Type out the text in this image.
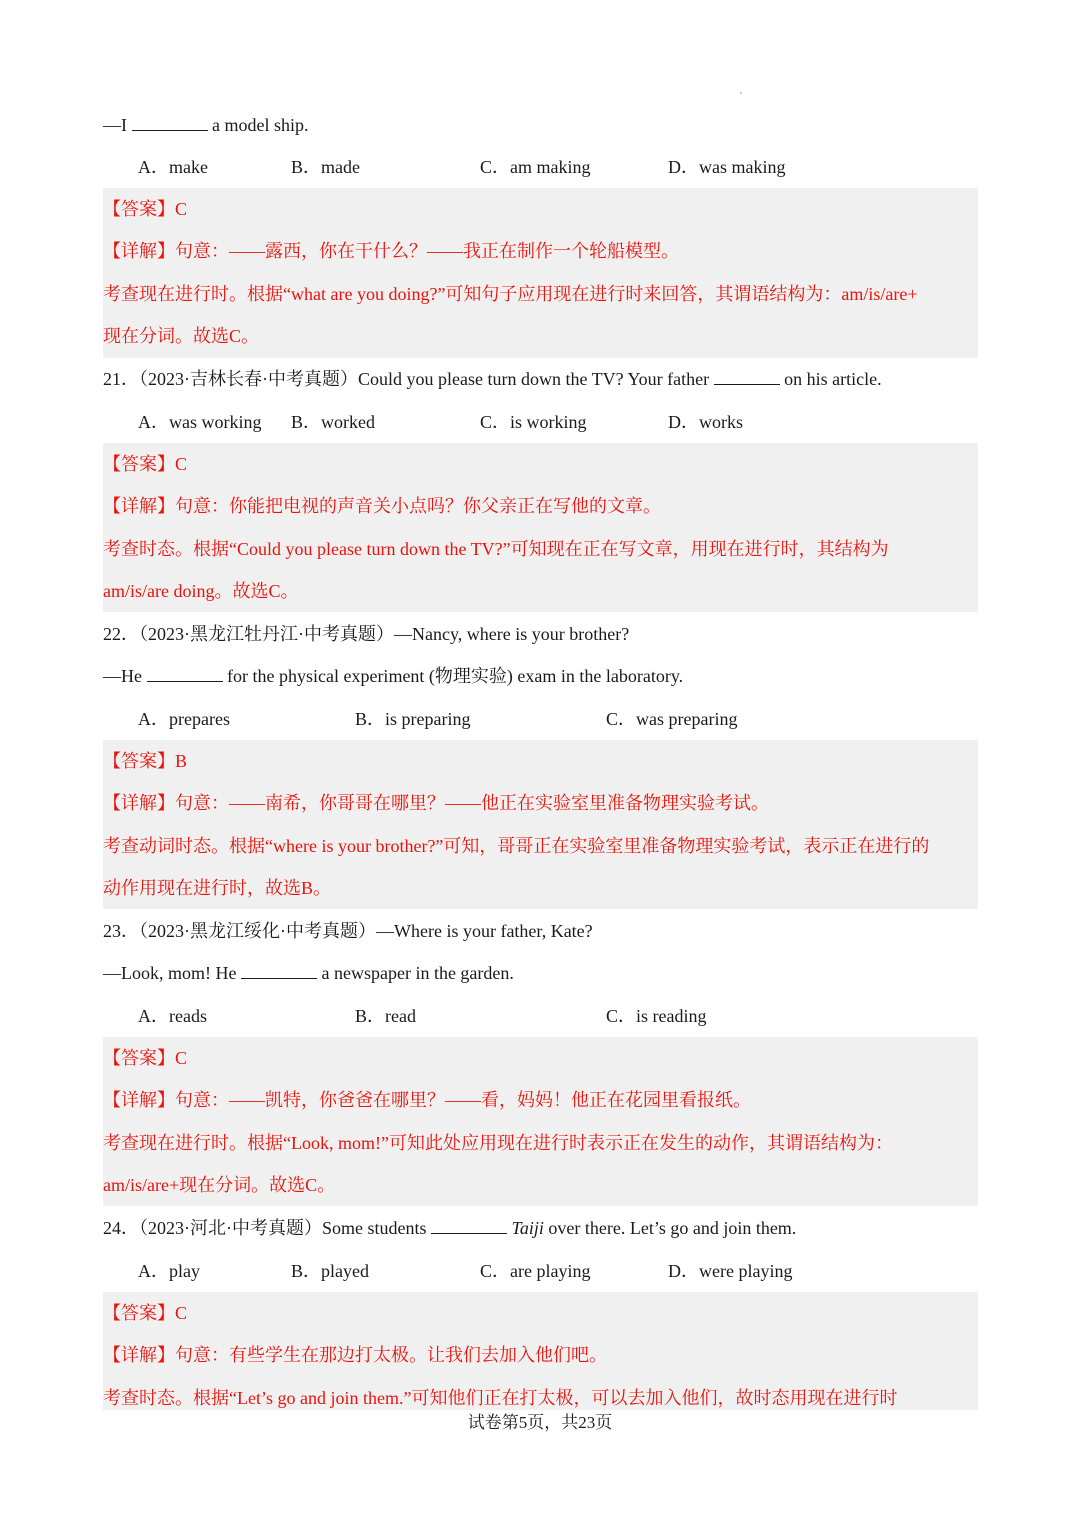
—I	a model ship.
A．make	B．made	C．am making	D．was making
【答案】C
【详解】句意：——露西，你在干什么？——我正在制作一个轮船模型。
考查现在进行时。根据“what are you doing?”可知句子应用现在进行时来回答，其谓语结构为：am/is/are+
现在分词。故选C。
21．（2023·吉林长春·中考真题）Could you please turn down the TV? Your father	on his article.
A．was working B．worked	C．is working	D．works
【答案】C
【详解】句意：你能把电视的声音关小点吗？你父亲正在写他的文章。
考查时态。根据“Could you please turn down the TV?”可知现在正在写文章，用现在进行时，其结构为
am/is/are doing。故选C。
22．（2023·黑龙江牡丹江·中考真题）—Nancy, where is your brother?
—He	for the physical experiment (物理实验) exam in the laboratory.
A．prepares	B．is preparing	C．was preparing
【答案】B
【详解】句意：——南希，你哥哥在哪里？——他正在实验室里准备物理实验考试。
考查动词时态。根据“where is your brother?”可知，哥哥正在实验室里准备物理实验考试，表示正在进行的
动作用现在进行时，故选B。
23．（2023·黑龙江绥化·中考真题）—Where is your father, Kate?
—Look, mom! He	a newspaper in the garden.
A．reads	B．read	C．is reading
【答案】C
【详解】句意：——凯特，你爸爸在哪里？——看，妈妈！他正在花园里看报纸。
考查现在进行时。根据“Look, mom!”可知此处应用现在进行时表示正在发生的动作，其谓语结构为：
am/is/are+现在分词。故选C。
24．（2023·河北·中考真题）Some students	Taiji over there. Let’s go and join them.
A．play	B．played	C．are playing	D．were playing
【答案】C
【详解】句意：有些学生在那边打太极。让我们去加入他们吧。
考查时态。根据“Let’s go and join them.”可知他们正在打太极，可以去加入他们，故时态用现在进行时
试卷第5页，共23页
